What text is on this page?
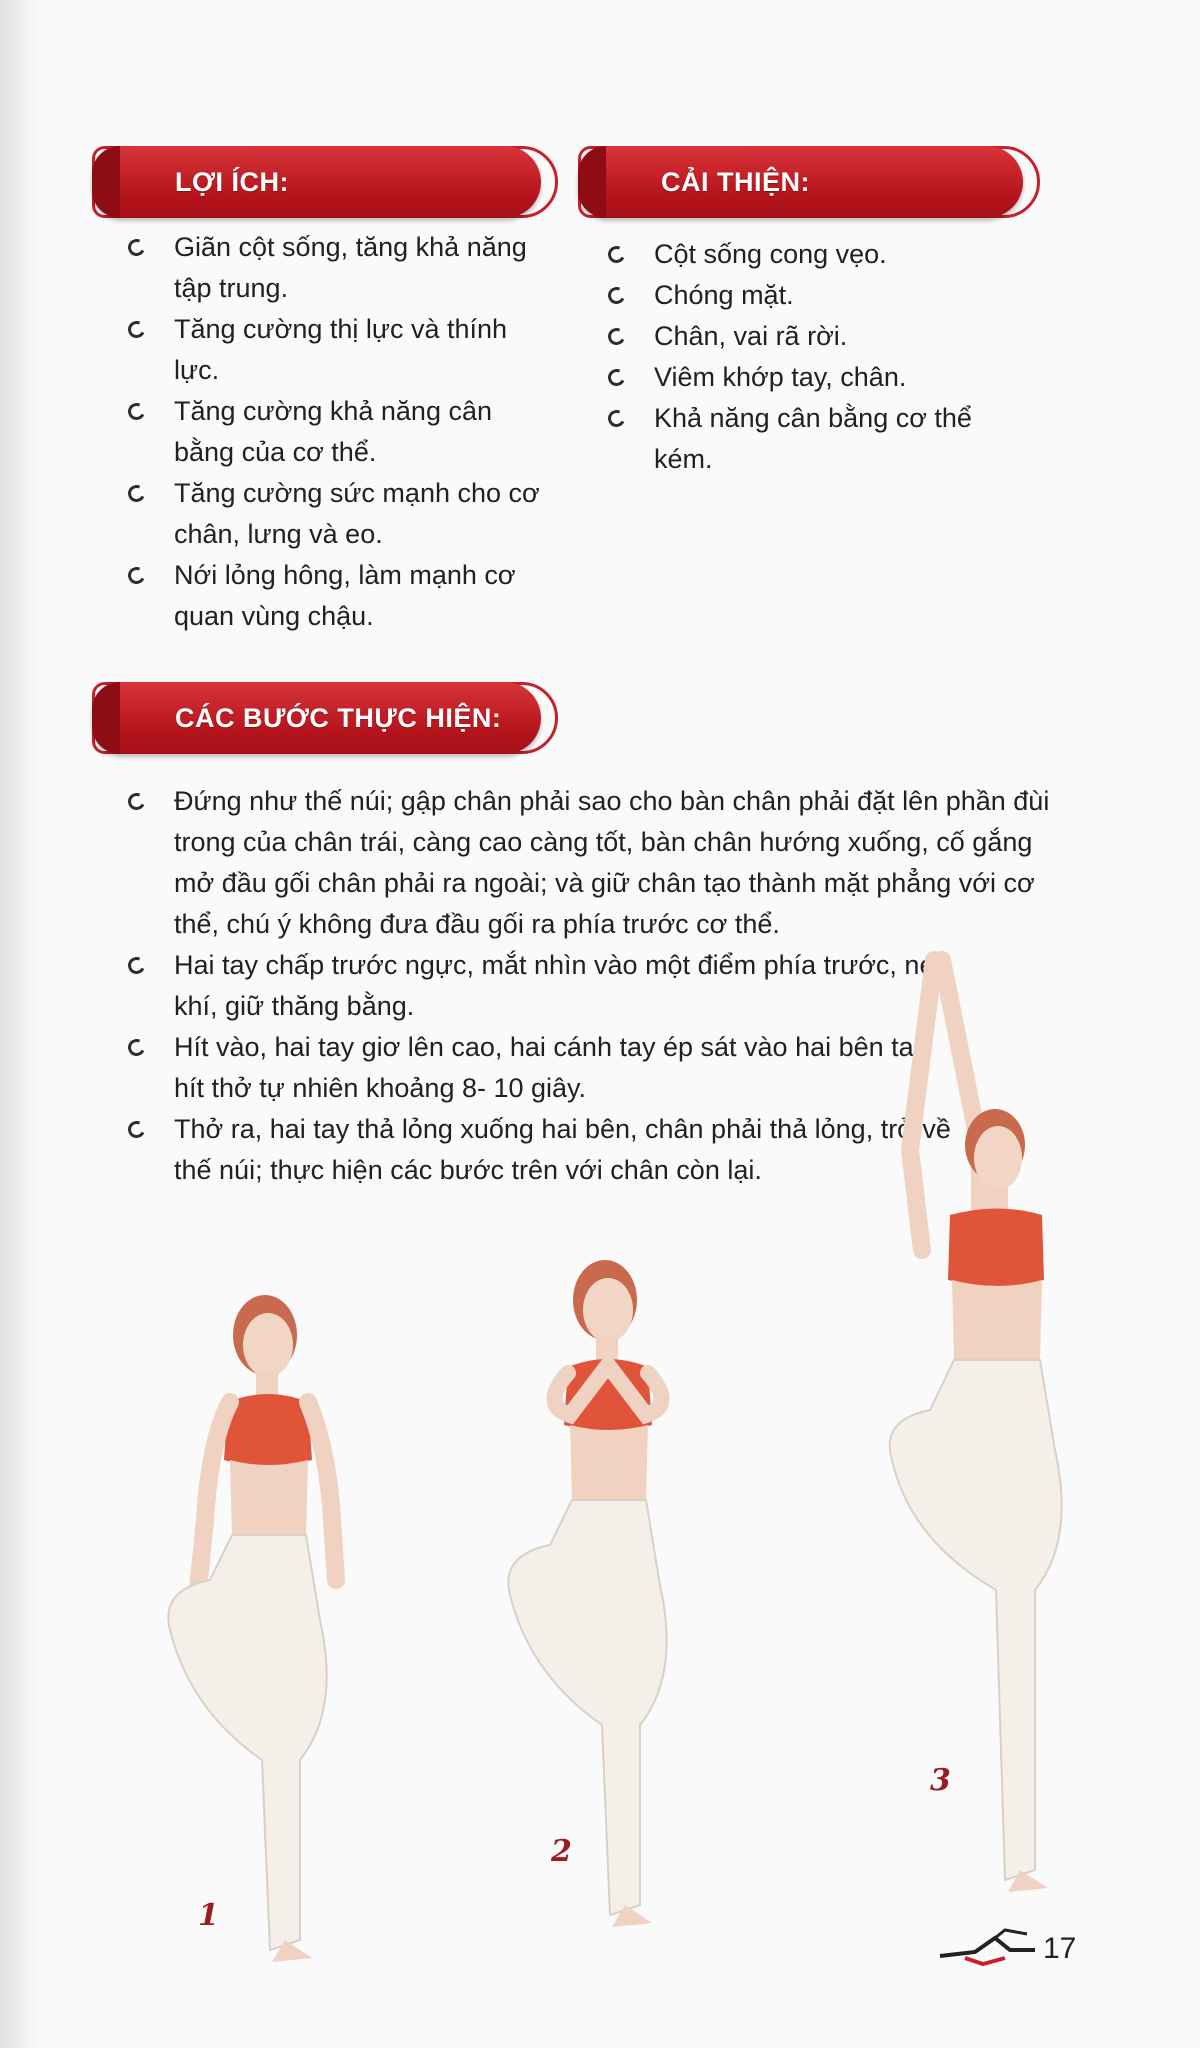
LỢI ÍCH:	CẢI THIỆN:
Giãn cột sống, tăng khả năng tập trung.
Tăng cường thị lực và thính lực.
Tăng cường khả năng cân bằng của cơ thể.
Tăng cường sức mạnh cho cơ chân, lưng và eo.
Nới lỏng hông, làm mạnh cơ quan vùng chậu.
Cột sống cong vẹo.
Chóng mặt.
Chân, vai rã rời.
Viêm khớp tay, chân.
Khả năng cân bằng cơ thể kém.
CÁC BƯỚC THỰC HIỆN:
Đứng như thế núi; gập chân phải sao cho bàn chân phải đặt lên phần đùi trong của chân trái, càng cao càng tốt, bàn chân hướng xuống, cố gắng mở đầu gối chân phải ra ngoài; và giữ chân tạo thành mặt phẳng với cơ thể, chú ý không đưa đầu gối ra phía trước cơ thể.
Hai tay chấp trước ngực, mắt nhìn vào một điểm phía trước, nén khí, giữ thăng bằng.
Hít vào, hai tay giơ lên cao, hai cánh tay ép sát vào hai bên tai, hít thở tự nhiên khoảng 8- 10 giây.
Thở ra, hai tay thả lỏng xuống hai bên, chân phải thả lỏng, trở về thế núi; thực hiện các bước trên với chân còn lại.
1
2
3
17
